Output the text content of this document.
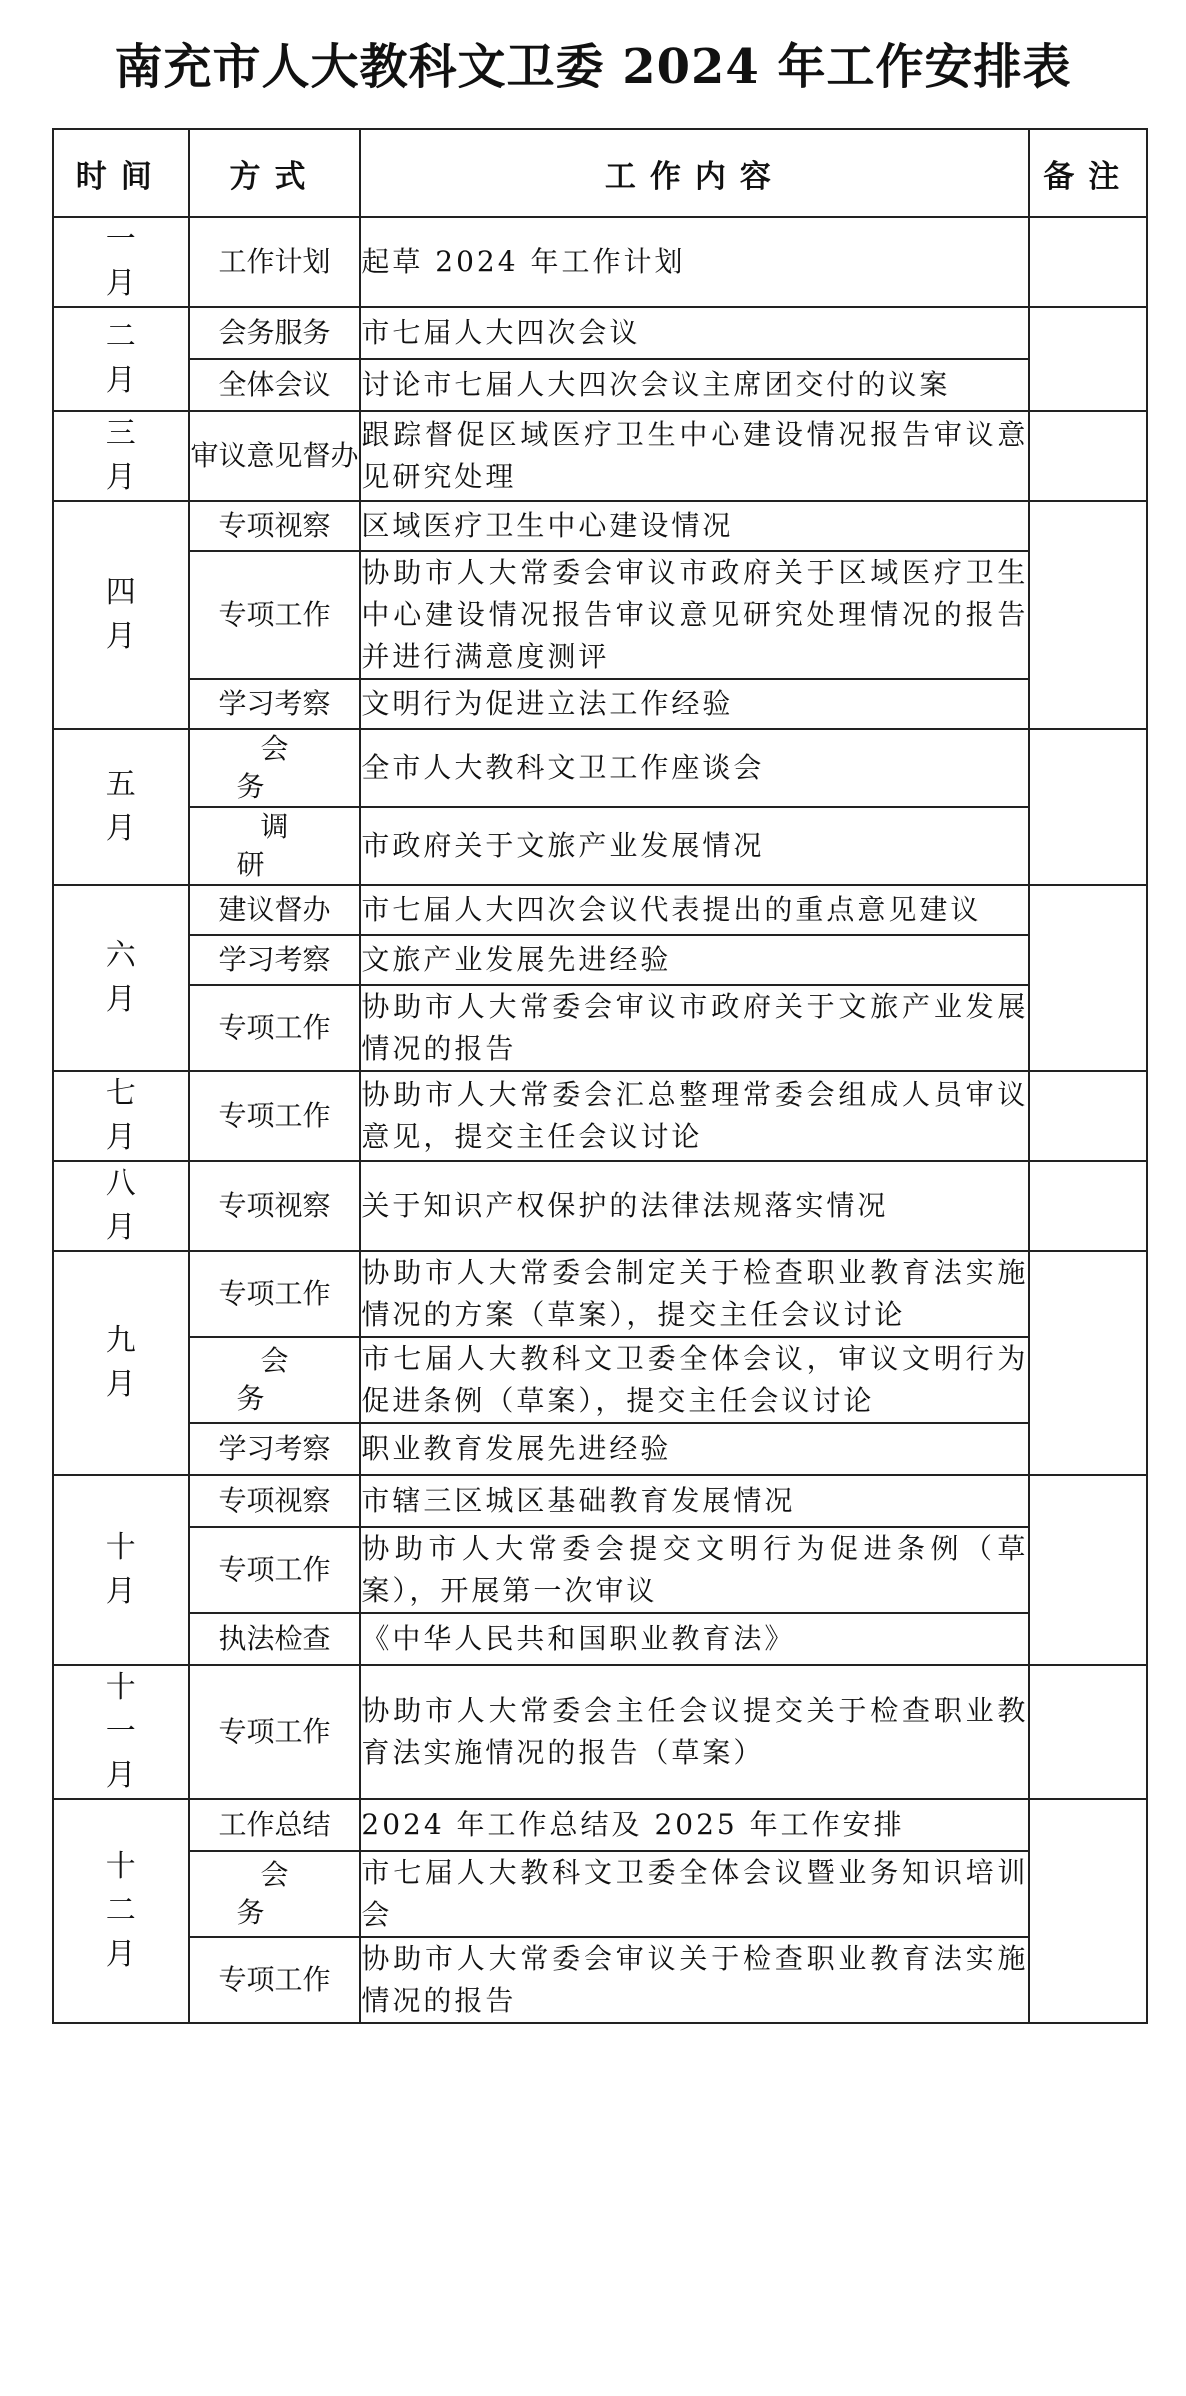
南充市人大教科文卫委 2024 年工作安排表
时间	方式	工作内容	备注

一
月	工作计划	起草 2024 年工作计划	

二
月	会务服务	市七届人大四次会议	
	全体会议	讨论市七届人大四次会议主席团交付的议案	

三
月	审议意见督办	跟踪督促区域医疗卫生中心建设情况报告审议意见研究处理	

四
月	专项视察	区域医疗卫生中心建设情况	
	专项工作	协助市人大常委会审议市政府关于区域医疗卫生中心建设情况报告审议意见研究处理情况的报告并进行满意度测评	
	学习考察	文明行为促进立法工作经验	

五
月	会务	全市人大教科文卫工作座谈会	
	调研	市政府关于文旅产业发展情况	

六
月	建议督办	市七届人大四次会议代表提出的重点意见建议	
	学习考察	文旅产业发展先进经验	
	专项工作	协助市人大常委会审议市政府关于文旅产业发展情况的报告	

七
月	专项工作	协助市人大常委会汇总整理常委会组成人员审议意见，提交主任会议讨论	

八
月	专项视察	关于知识产权保护的法律法规落实情况	

九
月	专项工作	协助市人大常委会制定关于检查职业教育法实施情况的方案（草案），提交主任会议讨论	
	会务	市七届人大教科文卫委全体会议，审议文明行为促进条例（草案），提交主任会议讨论	
	学习考察	职业教育发展先进经验	

十
月	专项视察	市辖三区城区基础教育发展情况	
	专项工作	协助市人大常委会提交文明行为促进条例（草案），开展第一次审议	
	执法检查	《中华人民共和国职业教育法》	

十
一
月	专项工作	协助市人大常委会主任会议提交关于检查职业教育法实施情况的报告（草案）	

十
二
月	工作总结	2024 年工作总结及 2025 年工作安排	
	会务	市七届人大教科文卫委全体会议暨业务知识培训会	
	专项工作	协助市人大常委会审议关于检查职业教育法实施情况的报告	
